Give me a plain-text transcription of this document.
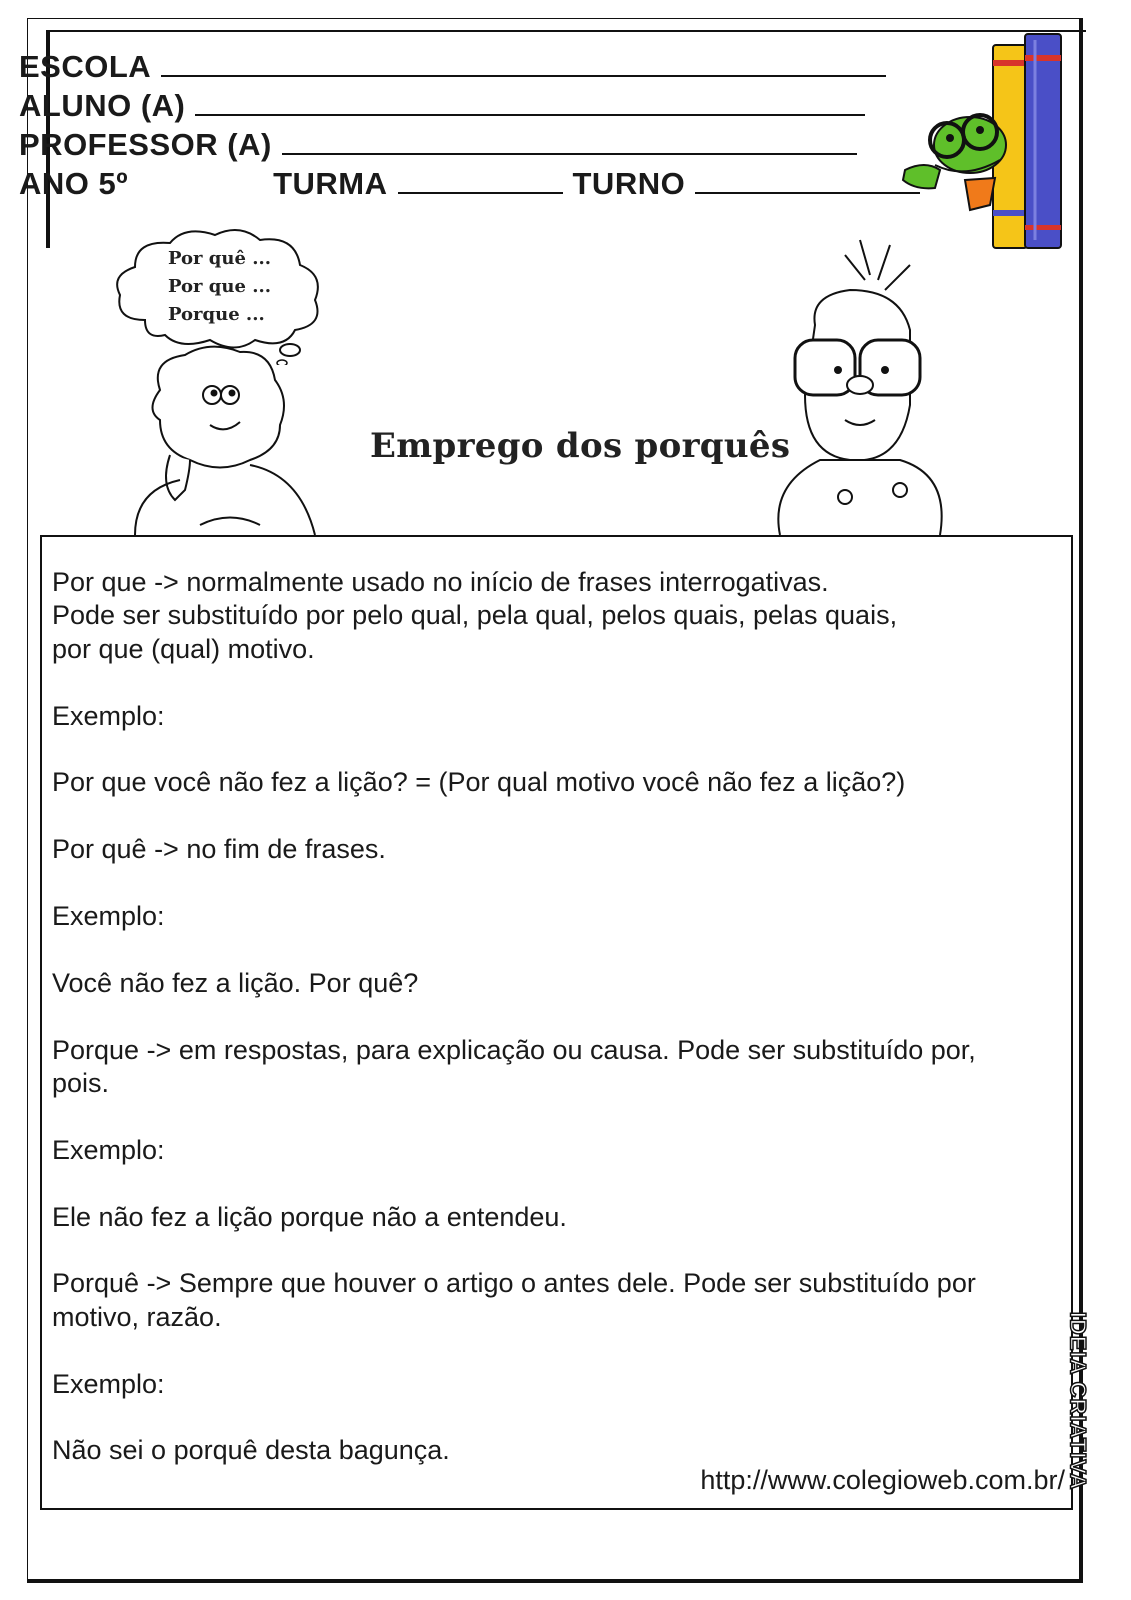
ESCOLA
ALUNO (A)
PROFESSOR (A)
ANO 5º	TURMA	TURNO
Por quê ...
Por que ...
Porque ...
Emprego dos porquês

Por que -> normalmente usado no início de frases interrogativas.

Pode ser substituído por pelo qual, pela qual, pelos quais, pelas quais,

por que (qual) motivo.

Exemplo:

Por que você não fez a lição? = (Por qual motivo você não fez a lição?)

Por quê -> no fim de frases.

Exemplo:

Você não fez a lição. Por quê?

Porque -> em respostas, para explicação ou causa. Pode ser substituído por,

pois.

Exemplo:

Ele não fez a lição porque não a entendeu.

Porquê -> Sempre que houver o artigo o antes dele. Pode ser substituído por

motivo, razão.

Exemplo:

Não sei o porquê desta bagunça.

http://www.colegioweb.com.br/ IDEIA CRIATIVA
